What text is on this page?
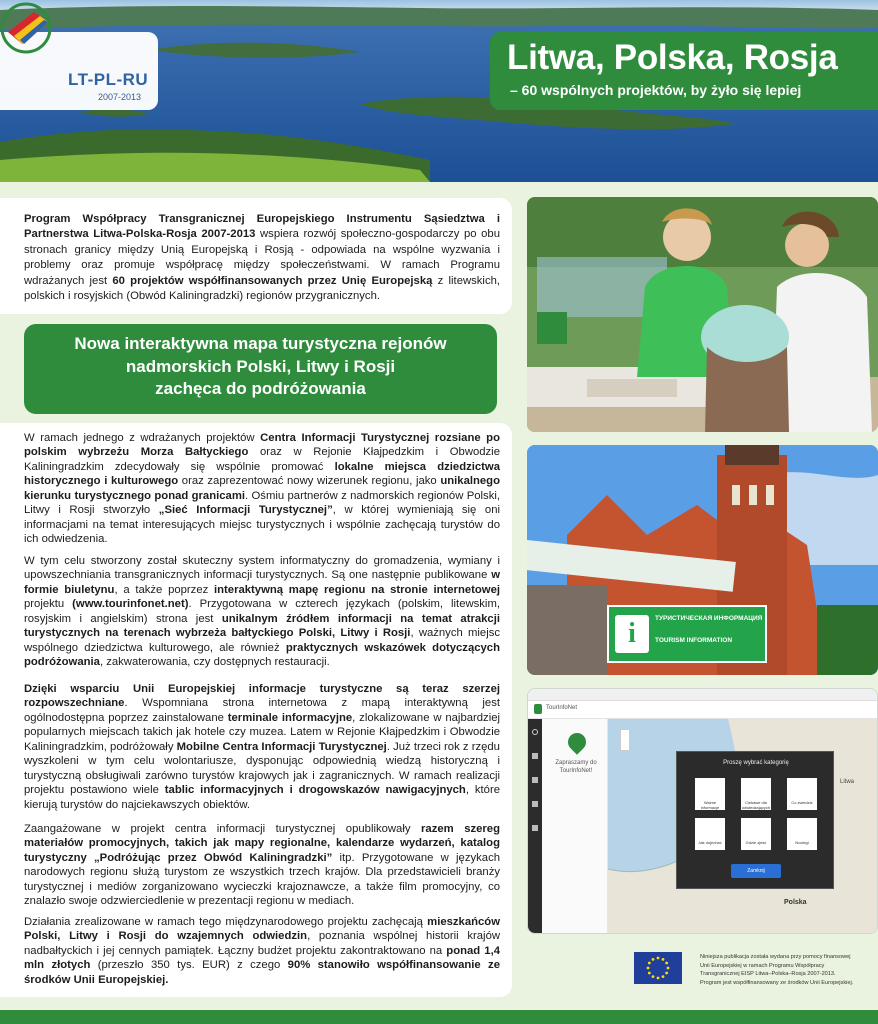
LT-PL-RU
2007-2013
Litwa, Polska, Rosja
– 60 wspólnych projektów, by żyło się lepiej

Program Współpracy Transgranicznej Europejskiego Instrumentu Sąsiedztwa i Partnerstwa Litwa-Polska-Rosja 2007-2013 wspiera rozwój społeczno-gospodarczy po obu stronach granicy między Unią Europejską i Rosją - odpowiada na wspólne wyzwania i problemy oraz promuje współpracę między społeczeństwami. W ramach Programu wdrażanych jest 60 projektów współfinansowanych przez Unię Europejską z litewskich, polskich i rosyjskich (Obwód Kaliningradzki) regionów przygranicznych.

Nowa interaktywna mapa turystyczna rejonów
nadmorskich Polski, Litwy i Rosji
zachęca do podróżowania

W ramach jednego z wdrażanych projektów Centra Informacji Turystycznej rozsiane po polskim wybrzeżu Morza Bałtyckiego oraz w Rejonie Kłajpedzkim i Obwodzie Kaliningradzkim zdecydowały się wspólnie promować lokalne miejsca dziedzictwa historycznego i kulturowego oraz zaprezentować nowy wizerunek regionu, jako unikalnego kierunku turystycznego ponad granicami. Ośmiu partnerów z nadmorskich regionów Polski, Litwy i Rosji stworzyło „Sieć Informacji Turystycznej”, w której wymieniają się oni informacjami na temat interesujących miejsc turystycznych i wspólnie zachęcają turystów do ich odwiedzenia.

W tym celu stworzony został skuteczny system informatyczny do gromadzenia, wymiany i upowszechniania transgranicznych informacji turystycznych. Są one następnie publikowane w formie biuletynu, a także poprzez interaktywną mapę regionu na stronie internetowej projektu (www.tourinfonet.net). Przygotowana w czterech językach (polskim, litewskim, rosyjskim i angielskim) strona jest unikalnym źródłem informacji na temat atrakcji turystycznych na terenach wybrzeża bałtyckiego Polski, Litwy i Rosji, ważnych miejsc wspólnego dziedzictwa kulturowego, ale również praktycznych wskazówek dotyczących podróżowania, zakwaterowania, czy dostępnych restauracji.

Dzięki wsparciu Unii Europejskiej informacje turystyczne są teraz szerzej rozpowszechniane. Wspomniana strona internetowa z mapą interaktywną jest ogólnodostępna poprzez zainstalowane terminale informacyjne, zlokalizowane w najbardziej popularnych miejscach takich jak hotele czy muzea. Latem w Rejonie Kłajpedzkim i Obwodzie Kaliningradzkim, podróżowały Mobilne Centra Informacji Turystycznej. Już trzeci rok z rzędu wyszkoleni w tym celu wolontariusze, dysponując odpowiednią wiedzą historyczną i turystyczną obsługiwali zarówno turystów krajowych jak i zagranicznych. W ramach realizacji projektu postawiono wiele tablic informacyjnych i drogowskazów nawigacyjnych, które kierują turystów do najciekawszych obiektów.

Zaangażowane w projekt centra informacji turystycznej opublikowały razem szereg materiałów promocyjnych, takich jak mapy regionalne, kalendarze wydarzeń, katalog turystyczny „Podróżując przez Obwód Kaliningradzki” itp. Przygotowane w językach narodowych regionu służą turystom ze wszystkich trzech krajów. Dla przedstawicieli branży turystycznej i mediów zorganizowano wycieczki krajoznawcze, a także film promocyjny, co znalazło swoje odzwierciedlenie w prezentacji regionu w mediach.

Działania zrealizowane w ramach tego międzynarodowego projektu zachęcają mieszkańców Polski, Litwy i Rosji do wzajemnych odwiedzin, poznania wspólnej historii krajów nadbałtyckich i jej cennych pamiątek. Łączny budżet projektu zakontraktowano na ponad 1,4 mln złotych (przeszło 350 tys. EUR) z czego 90% stanowiło współfinansowanie ze środków Unii Europejskiej.

i	ТУРИСТИЧЕСКАЯ ИНФОРМАЦИЯ
TOURISM INFORMATION
TourInfoNet
Zapraszamy do TourInfoNet!
Litwa
Polska
Proszę wybrać kategorię
Ważne informacje
Ciekawe dla odwiedzających
Co zwiedzić
Jak dojechać	Gdzie zjeść	Noclegi
Zamknij
Niniejsza publikacja została wydana przy pomocy finansowej
Unii Europejskiej w ramach Programu Współpracy
Transgranicznej EISP Litwa–Polska–Rosja 2007-2013.
Program jest współfinansowany ze środków Unii Europejskiej.
